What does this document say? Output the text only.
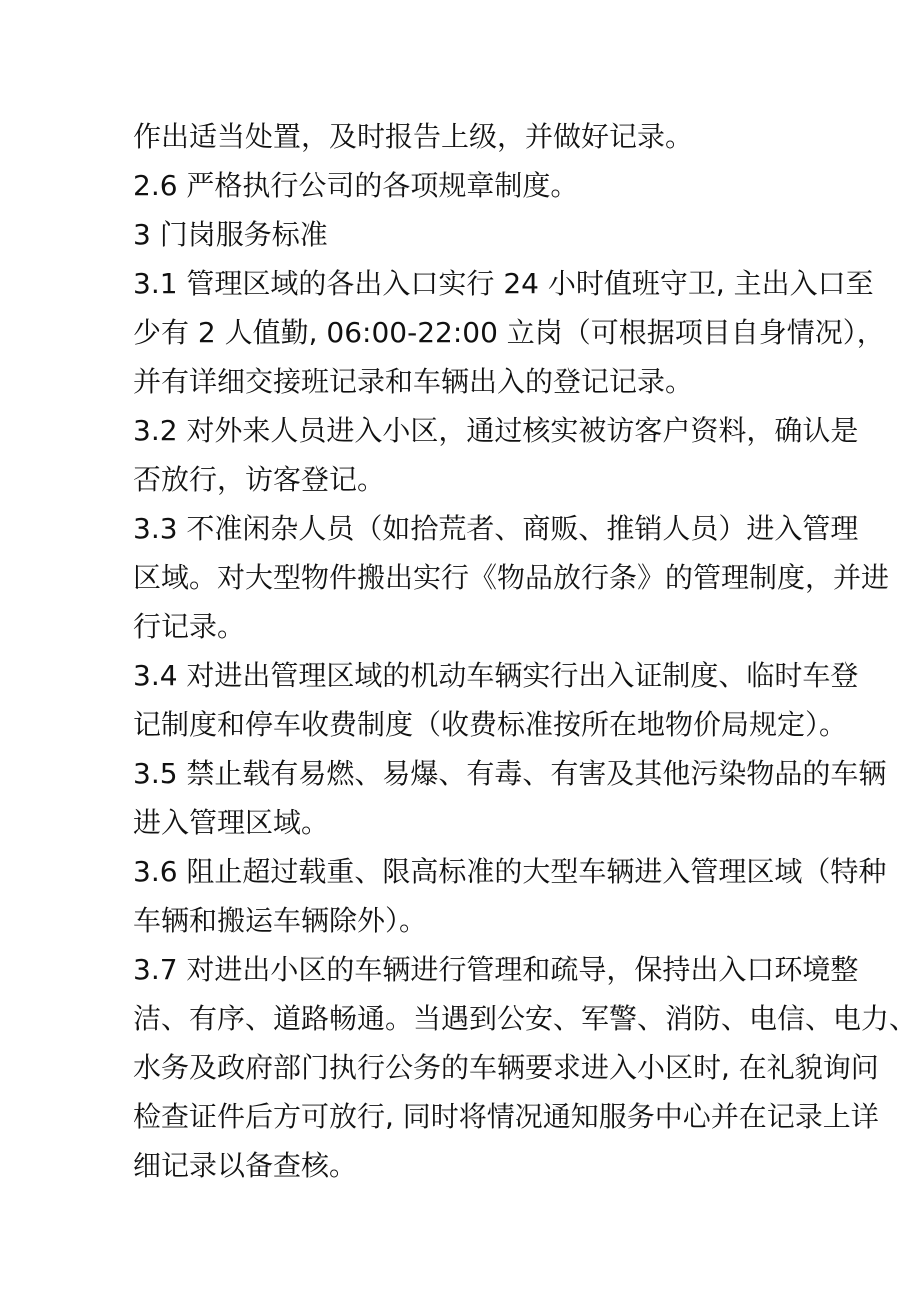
作出适当处置，及时报告上级，并做好记录。
2.6 严格执行公司的各项规章制度。
3 门岗服务标准
3.1 管理区域的各出入口实行 24 小时值班守卫, 主出入口至
少有 2 人值勤, 06:00-22:00 立岗（可根据项目自身情况），
并有详细交接班记录和车辆出入的登记记录。
3.2 对外来人员进入小区，通过核实被访客户资料，确认是
否放行，访客登记。
3.3 不准闲杂人员（如拾荒者、商贩、推销人员）进入管理
区域。对大型物件搬出实行《物品放行条》的管理制度，并进
行记录。
3.4 对进出管理区域的机动车辆实行出入证制度、临时车登
记制度和停车收费制度（收费标准按所在地物价局规定）。
3.5 禁止载有易燃、易爆、有毒、有害及其他污染物品的车辆
进入管理区域。
3.6 阻止超过载重、限高标准的大型车辆进入管理区域（特种
车辆和搬运车辆除外）。
3.7 对进出小区的车辆进行管理和疏导，保持出入口环境整
洁、有序、道路畅通。当遇到公安、军警、消防、电信、电力、
水务及政府部门执行公务的车辆要求进入小区时, 在礼貌询问
检查证件后方可放行, 同时将情况通知服务中心并在记录上详
细记录以备查核。
